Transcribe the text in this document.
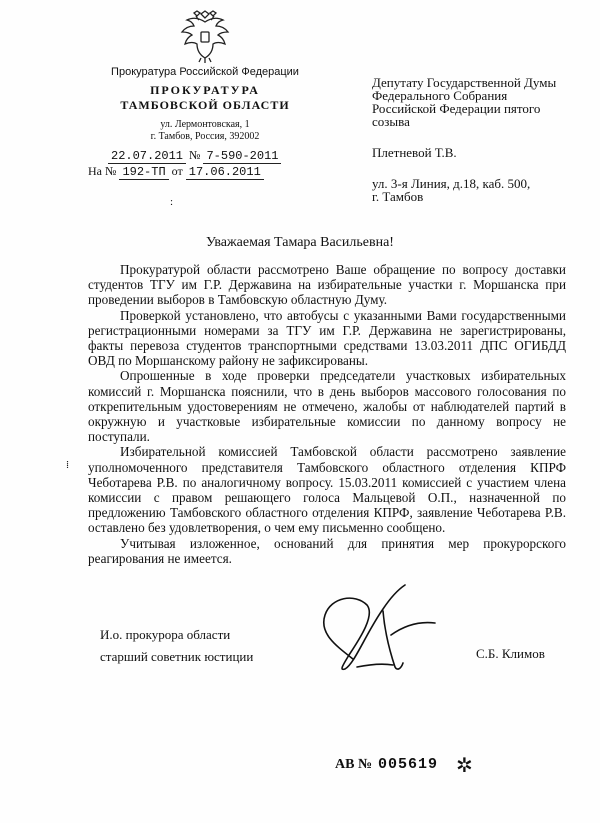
Прокуратура Российской Федерации
ПРОКУРАТУРА
ТАМБОВСКОЙ ОБЛАСТИ
ул. Лермонтовская, 1
г. Тамбов, Россия, 392002
22.07.2011 № 7-590-2011
На № 192-ТП от 17.06.2011
Депутату Государственной Думы
Федерального Собрания
Российской Федерации пятого
созыва
Плетневой Т.В.
ул. 3-я Линия, д.18, каб. 500,
г. Тамбов
:
Уважаемая Тамара Васильевна!

Прокуратурой области рассмотрено Ваше обращение по вопросу доставки студентов ТГУ им Г.Р. Державина на избирательные участки г. Моршанска при проведении выборов в Тамбовскую областную Думу.

Проверкой установлено, что автобусы с указанными Вами государственными регистрационными номерами за ТГУ им Г.Р. Державина не зарегистрированы, факты перевоза студентов транспортными средствами 13.03.2011 ДПС ОГИБДД ОВД по Моршанскому району не зафиксированы.

Опрошенные в ходе проверки председатели участковых избирательных комиссий г. Моршанска пояснили, что в день выборов массового голосования по открепительным удостоверениям не отмечено, жалобы от наблюдателей партий в окружную и участковые избирательные комиссии по данному вопросу не поступали.

Избирательной комиссией Тамбовской области рассмотрено заявление уполномоченного представителя Тамбовского областного отделения КПРФ Чеботарева Р.В. по аналогичному вопросу. 15.03.2011 комиссией с участием члена комиссии с правом решающего голоса Мальцевой О.П., назначенной по предложению Тамбовского областного отделения КПРФ, заявление Чеботарева Р.В. оставлено без удовлетворения, о чем ему письменно сообщено.

Учитывая изложенное, оснований для принятия мер прокурорского реагирования не имеется.

⁞
И.о. прокурора области
старший советник юстиции	С.Б. Климов
АВ № 005619 ✲
